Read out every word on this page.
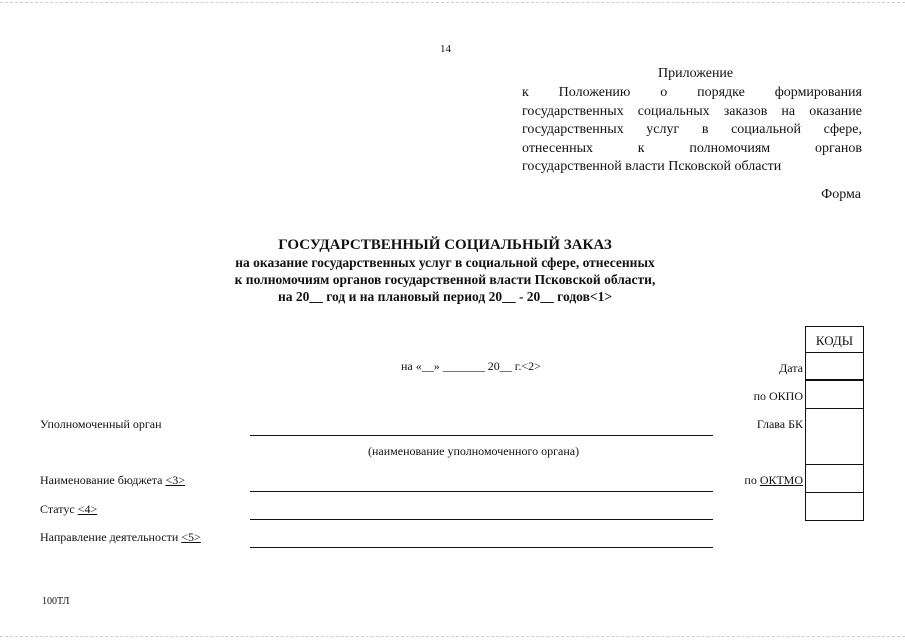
14
Приложение
к Положению о порядке формирования
государственных социальных заказов на оказание
государственных услуг в социальной сфере,
отнесенных к полномочиям органов
государственной власти Псковской области
Форма
ГОСУДАРСТВЕННЫЙ СОЦИАЛЬНЫЙ ЗАКАЗ
на оказание государственных услуг в социальной сфере, отнесенных
к полномочиям органов государственной власти Псковской области,
на 20__ год и на плановый период 20__ - 20__ годов<1>
КОДЫ
Дата
по ОКПО
Глава БК
по ОКТМО
на «__» _______ 20__ г.<2>
Уполномоченный орган
(наименование уполномоченного органа)
Наименование бюджета <3>
Статус <4>
Направление деятельности <5>
100ТЛ
